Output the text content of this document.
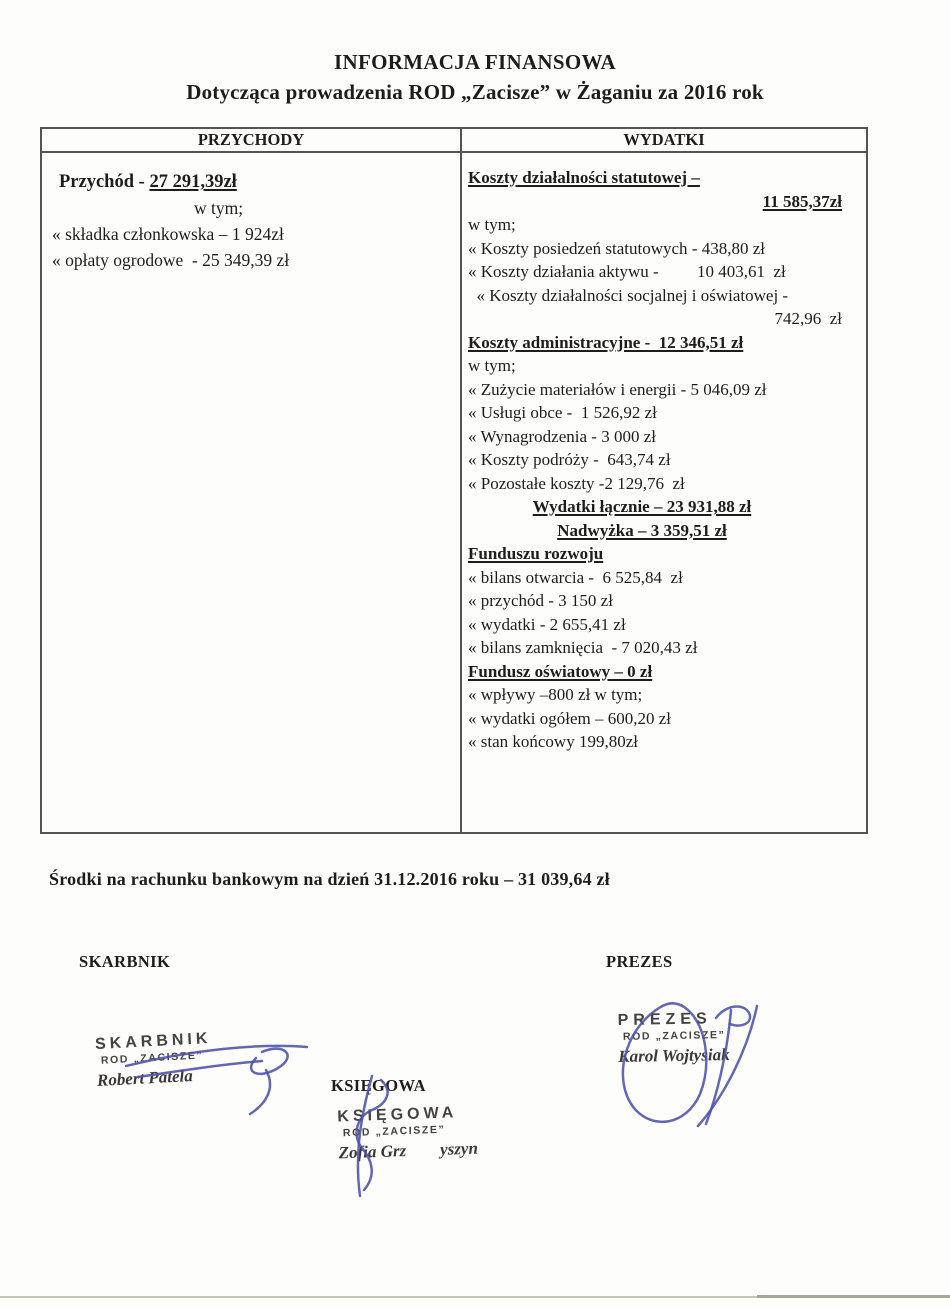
INFORMACJA FINANSOWA
Dotycząca prowadzenia ROD „Zacisze” w Żaganiu za 2016 rok
PRZYCHODY	WYDATKI
Przychód - 27 291,39zł
w tym;
« składka członkowska – 1 924zł
« opłaty ogrodowe  - 25 349,39 zł
Koszty działalności statutowej –
11 585,37zł
w tym;
« Koszty posiedzeń statutowych - 438,80 zł
« Koszty działania aktywu -         10 403,61  zł
« Koszty działalności socjalnej i oświatowej -
742,96  zł
Koszty administracyjne -  12 346,51 zł
w tym;
« Zużycie materiałów i energii - 5 046,09 zł
« Usługi obce -  1 526,92 zł
« Wynagrodzenia - 3 000 zł
« Koszty podróży -  643,74 zł
« Pozostałe koszty -2 129,76  zł
Wydatki łącznie – 23 931,88 zł
Nadwyżka – 3 359,51 zł
Funduszu rozwoju
« bilans otwarcia -  6 525,84  zł
« przychód - 3 150 zł
« wydatki - 2 655,41 zł
« bilans zamknięcia  - 7 020,43 zł
Fundusz oświatowy – 0 zł
« wpływy –800 zł w tym;
« wydatki ogółem – 600,20 zł
« stan końcowy 199,80zł
Środki na rachunku bankowym na dzień 31.12.2016 roku – 31 039,64 zł
SKARBNIK	PREZES
KSIĘGOWA
SKARBNIK
ROD „ZACISZE”
Robert Patela
KSIĘGOWA
ROD „ZACISZE”
Zofia Grz yszyn
PREZES
ROD „ZACISZE”
Karol Wojtysiak
